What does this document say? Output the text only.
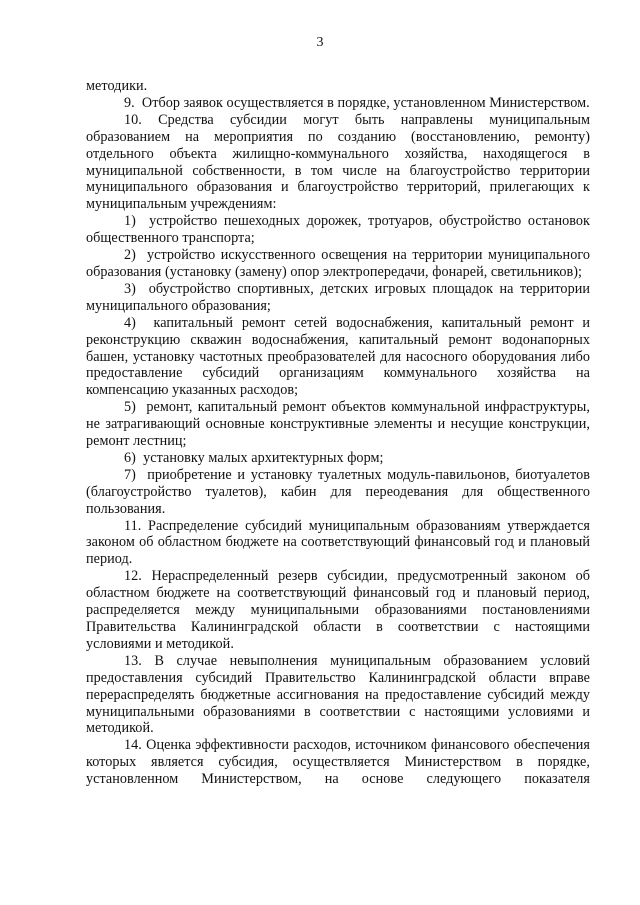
3

методики.

9.  Отбор заявок осуществляется в порядке, установленном Министерством.

10. Средства субсидии могут быть направлены муниципальным образованием на мероприятия по созданию (восстановлению, ремонту) отдельного объекта жилищно-коммунального хозяйства, находящегося в муниципальной собственности, в том числе на благоустройство территории муниципального образования и благоустройство территорий, прилегающих к муниципальным учреждениям:

1)  устройство пешеходных дорожек, тротуаров, обустройство остановок общественного транспорта;

2)  устройство искусственного освещения на территории муниципального образования (установку (замену) опор электропередачи, фонарей, светильников);

3)  обустройство спортивных, детских игровых площадок на территории муниципального образования;

4)  капитальный ремонт сетей водоснабжения, капитальный ремонт и реконструкцию скважин водоснабжения, капитальный ремонт водонапорных башен, установку частотных преобразователей для насосного оборудования либо предоставление субсидий организациям коммунального хозяйства на компенсацию указанных расходов;

5)  ремонт, капитальный ремонт объектов коммунальной инфраструктуры, не затрагивающий основные конструктивные элементы и несущие конструкции, ремонт лестниц;

6)  установку малых архитектурных форм;

7)  приобретение и установку туалетных модуль-павильонов, биотуалетов (благоустройство туалетов), кабин для переодевания для общественного пользования.

11. Распределение субсидий муниципальным образованиям утверждается законом об областном бюджете на соответствующий финансовый год и плановый период.

12. Нераспределенный резерв субсидии, предусмотренный законом об областном бюджете на соответствующий финансовый год и плановый период, распределяется между муниципальными образованиями постановлениями Правительства Калининградской области в соответствии с настоящими условиями и методикой.

13. В случае невыполнения муниципальным образованием условий предоставления субсидий Правительство Калининградской области вправе перераспределять бюджетные ассигнования на предоставление субсидий между муниципальными образованиями в соответствии с настоящими условиями и методикой.

14. Оценка эффективности расходов, источником финансового обеспечения которых является субсидия, осуществляется Министерством в порядке, установленном Министерством, на основе следующего показателя
